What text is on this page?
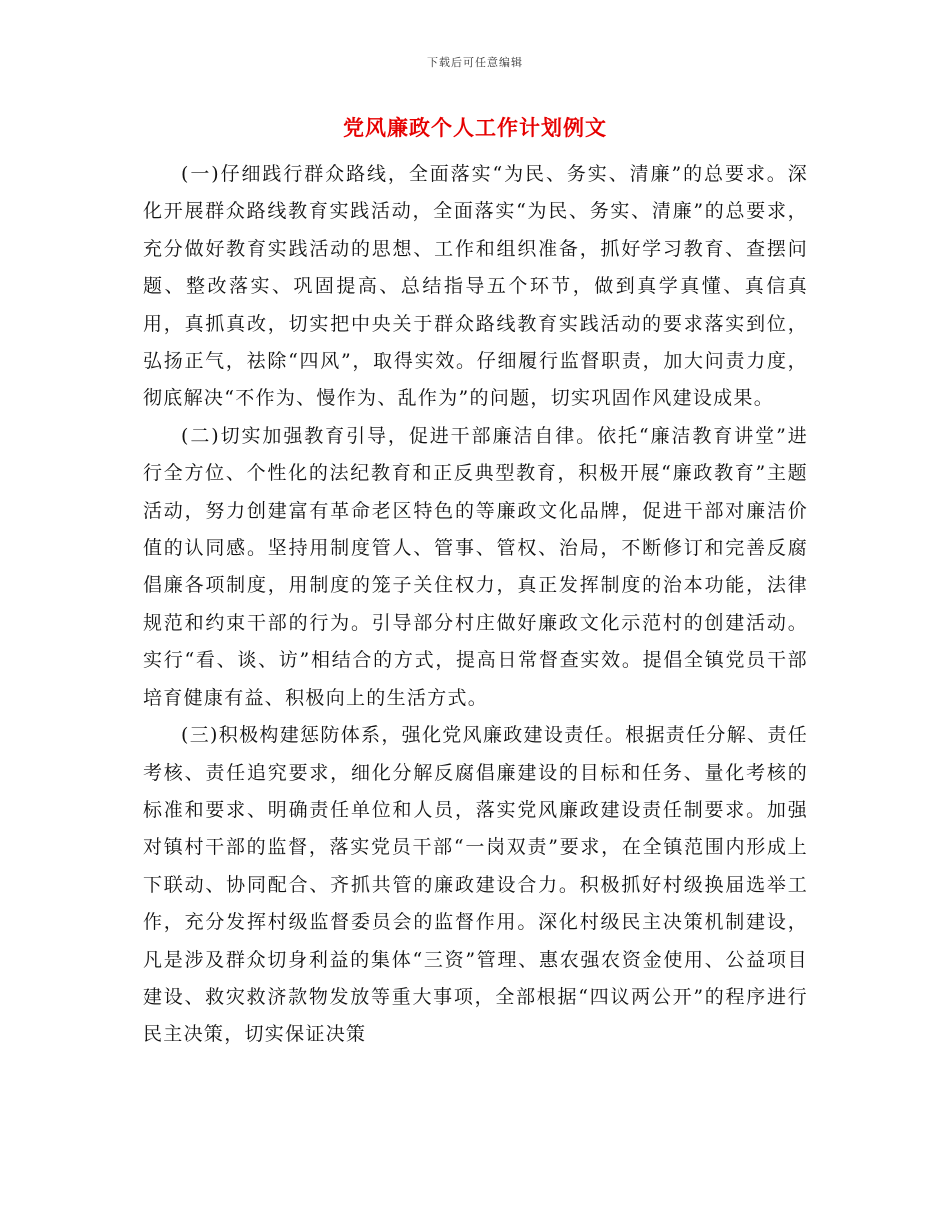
下载后可任意编辑
党风廉政个人工作计划例文

(一)仔细践行群众路线，全面落实“为民、务实、清廉”的总要求。深化开展群众路线教育实践活动，全面落实“为民、务实、清廉”的总要求，充分做好教育实践活动的思想、工作和组织准备，抓好学习教育、查摆问题、整改落实、巩固提高、总结指导五个环节，做到真学真懂、真信真用，真抓真改，切实把中央关于群众路线教育实践活动的要求落实到位，弘扬正气，祛除“四风”，取得实效。仔细履行监督职责，加大问责力度，彻底解决“不作为、慢作为、乱作为”的问题，切实巩固作风建设成果。

(二)切实加强教育引导，促进干部廉洁自律。依托“廉洁教育讲堂”进行全方位、个性化的法纪教育和正反典型教育，积极开展“廉政教育”主题活动，努力创建富有革命老区特色的等廉政文化品牌，促进干部对廉洁价值的认同感。坚持用制度管人、管事、管权、治局，不断修订和完善反腐倡廉各项制度，用制度的笼子关住权力，真正发挥制度的治本功能，法律规范和约束干部的行为。引导部分村庄做好廉政文化示范村的创建活动。实行“看、谈、访”相结合的方式，提高日常督查实效。提倡全镇党员干部培育健康有益、积极向上的生活方式。

(三)积极构建惩防体系，强化党风廉政建设责任。根据责任分解、责任考核、责任追究要求，细化分解反腐倡廉建设的目标和任务、量化考核的标准和要求、明确责任单位和人员，落实党风廉政建设责任制要求。加强对镇村干部的监督，落实党员干部“一岗双责”要求，在全镇范围内形成上下联动、协同配合、齐抓共管的廉政建设合力。积极抓好村级换届选举工作，充分发挥村级监督委员会的监督作用。深化村级民主决策机制建设，凡是涉及群众切身利益的集体“三资”管理、惠农强农资金使用、公益项目建设、救灾救济款物发放等重大事项，全部根据“四议两公开”的程序进行民主决策，切实保证决策
